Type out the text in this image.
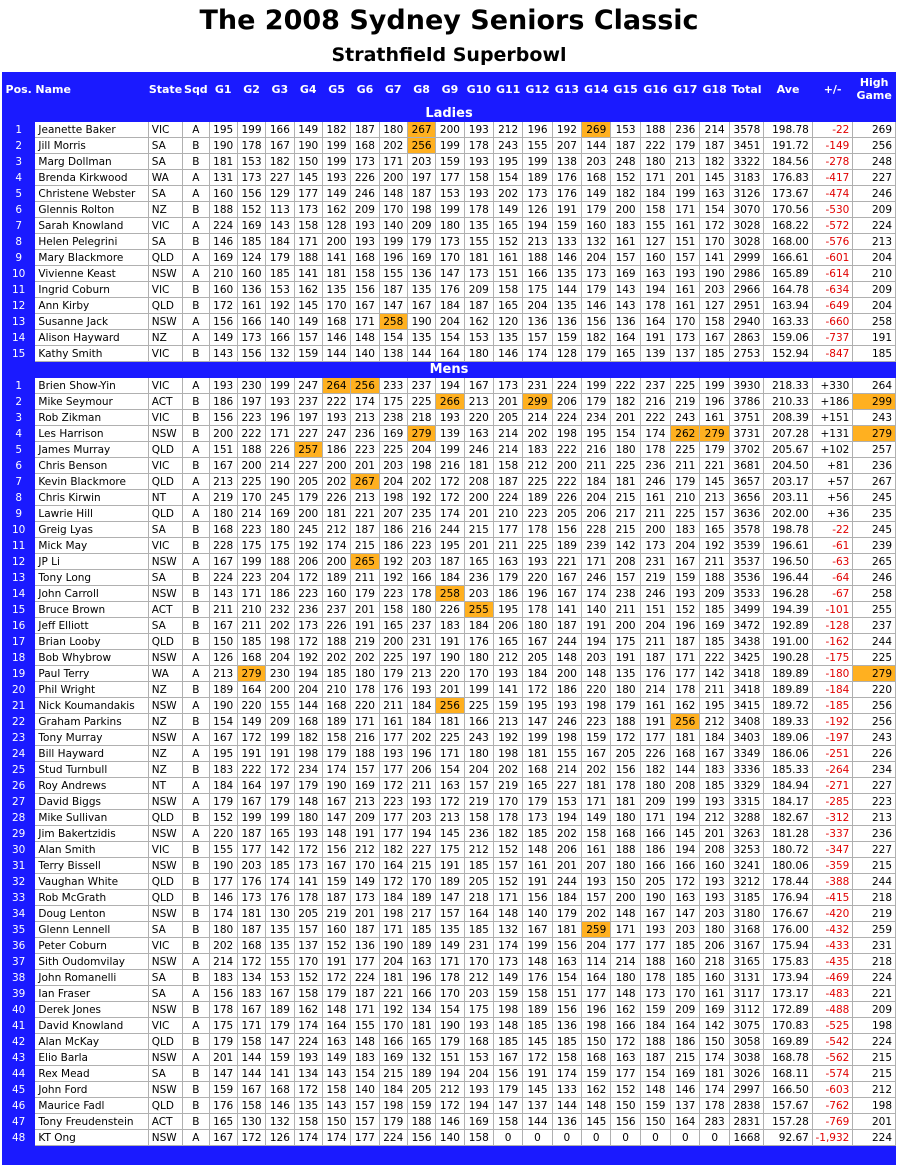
The 2008 Sydney Seniors Classic
Strathfield Superbowl
Pos.	Name	State	Sqd	G1	G2	G3	G4	G5	G6	G7	G8	G9	G10	G11	G12	G13	G14	G15	G16	G17	G18	Total	Ave	+/-	High Game
Ladies																									
1	Jeanette Baker	VIC	A	195	199	166	149	182	187	180	267	200	193	212	196	192	269	153	188	236	214	3578	198.78	-22	269
2	Jill Morris	SA	B	190	178	167	190	199	168	202	256	199	178	243	155	207	144	187	222	179	187	3451	191.72	-149	256
3	Marg Dollman	SA	B	181	153	182	150	199	173	171	203	159	193	195	199	138	203	248	180	213	182	3322	184.56	-278	248
4	Brenda Kirkwood	WA	A	131	173	227	145	193	226	200	197	177	158	154	189	176	168	152	171	201	145	3183	176.83	-417	227
5	Christene Webster	SA	A	160	156	129	177	149	246	148	187	153	193	202	173	176	149	182	184	199	163	3126	173.67	-474	246
6	Glennis Rolton	NZ	B	188	152	113	173	162	209	170	198	199	178	149	126	191	179	200	158	171	154	3070	170.56	-530	209
7	Sarah Knowland	VIC	A	224	169	143	158	128	193	140	209	180	135	165	194	159	160	183	155	161	172	3028	168.22	-572	224
8	Helen Pelegrini	SA	B	146	185	184	171	200	193	199	179	173	155	152	213	133	132	161	127	151	170	3028	168.00	-576	213
9	Mary Blackmore	QLD	A	169	124	179	188	141	168	196	169	170	181	161	188	146	204	157	160	157	141	2999	166.61	-601	204
10	Vivienne Keast	NSW	A	210	160	185	141	181	158	155	136	147	173	151	166	135	173	169	163	193	190	2986	165.89	-614	210
11	Ingrid Coburn	VIC	B	160	136	153	162	135	156	187	135	176	209	158	175	144	179	143	194	161	203	2966	164.78	-634	209
12	Ann Kirby	QLD	B	172	161	192	145	170	167	147	167	184	187	165	204	135	146	143	178	161	127	2951	163.94	-649	204
13	Susanne Jack	NSW	A	156	166	140	149	168	171	258	190	204	162	120	136	136	156	136	164	170	158	2940	163.33	-660	258
14	Alison Hayward	NZ	A	149	173	166	157	146	148	154	135	154	153	135	157	159	182	164	191	173	167	2863	159.06	-737	191
15	Kathy Smith	VIC	B	143	156	132	159	144	140	138	144	164	180	146	174	128	179	165	139	137	185	2753	152.94	-847	185
Mens																									
1	Brien Show-Yin	VIC	A	193	230	199	247	264	256	233	237	194	167	173	231	224	199	222	237	225	199	3930	218.33	+330	264
2	Mike Seymour	ACT	B	186	197	193	237	222	174	175	225	266	213	201	299	206	179	182	216	219	196	3786	210.33	+186	299
3	Rob Zikman	VIC	B	156	223	196	197	193	213	238	218	193	220	205	214	224	234	201	222	243	161	3751	208.39	+151	243
4	Les Harrison	NSW	B	200	222	171	227	247	236	169	279	139	163	214	202	198	195	154	174	262	279	3731	207.28	+131	279
5	James Murray	QLD	A	151	188	226	257	186	223	225	204	199	246	214	183	222	216	180	178	225	179	3702	205.67	+102	257
6	Chris Benson	VIC	B	167	200	214	227	200	201	203	198	216	181	158	212	200	211	225	236	211	221	3681	204.50	+81	236
7	Kevin Blackmore	QLD	A	213	225	190	205	202	267	204	202	172	208	187	225	222	184	181	246	179	145	3657	203.17	+57	267
8	Chris Kirwin	NT	A	219	170	245	179	226	213	198	192	172	200	224	189	226	204	215	161	210	213	3656	203.11	+56	245
9	Lawrie Hill	QLD	A	180	214	169	200	181	221	207	235	174	201	210	223	205	206	217	211	225	157	3636	202.00	+36	235
10	Greig Lyas	SA	B	168	223	180	245	212	187	186	216	244	215	177	178	156	228	215	200	183	165	3578	198.78	-22	245
11	Mick May	VIC	B	228	175	175	192	174	215	186	223	195	201	211	225	189	239	142	173	204	192	3539	196.61	-61	239
12	JP Li	NSW	A	167	199	188	206	200	265	192	203	187	165	163	193	221	171	208	231	167	211	3537	196.50	-63	265
13	Tony Long	SA	B	224	223	204	172	189	211	192	166	184	236	179	220	167	246	157	219	159	188	3536	196.44	-64	246
14	John Carroll	NSW	B	143	171	186	223	160	179	223	178	258	203	186	196	167	174	238	246	193	209	3533	196.28	-67	258
15	Bruce Brown	ACT	B	211	210	232	236	237	201	158	180	226	255	195	178	141	140	211	151	152	185	3499	194.39	-101	255
16	Jeff Elliott	SA	B	167	211	202	173	226	191	165	237	183	184	206	180	187	191	200	204	196	169	3472	192.89	-128	237
17	Brian Looby	QLD	B	150	185	198	172	188	219	200	231	191	176	165	167	244	194	175	211	187	185	3438	191.00	-162	244
18	Bob Whybrow	NSW	A	126	168	204	192	202	202	225	197	190	180	212	205	148	203	191	187	171	222	3425	190.28	-175	225
19	Paul Terry	WA	A	213	279	230	194	185	180	179	213	220	170	193	184	200	148	135	176	177	142	3418	189.89	-180	279
20	Phil Wright	NZ	B	189	164	200	204	210	178	176	193	201	199	141	172	186	220	180	214	178	211	3418	189.89	-184	220
21	Nick Koumandakis	NSW	A	190	220	155	144	168	220	211	184	256	225	159	195	193	198	179	161	162	195	3415	189.72	-185	256
22	Graham Parkins	NZ	B	154	149	209	168	189	171	161	184	181	166	213	147	246	223	188	191	256	212	3408	189.33	-192	256
23	Tony Murray	NSW	A	167	172	199	182	158	216	177	202	225	243	192	199	198	159	172	177	181	184	3403	189.06	-197	243
24	Bill Hayward	NZ	A	195	191	191	198	179	188	193	196	171	180	198	181	155	167	205	226	168	167	3349	186.06	-251	226
25	Stud Turnbull	NZ	B	183	222	172	234	174	157	177	206	154	204	202	168	214	202	156	182	144	183	3336	185.33	-264	234
26	Roy Andrews	NT	A	184	164	197	179	190	169	172	211	163	157	219	165	227	181	178	180	208	185	3329	184.94	-271	227
27	David Biggs	NSW	A	179	167	179	148	167	213	223	193	172	219	170	179	153	171	181	209	199	193	3315	184.17	-285	223
28	Mike Sullivan	QLD	B	152	199	199	180	147	209	177	203	213	158	178	173	194	149	180	171	194	212	3288	182.67	-312	213
29	Jim Bakertzidis	NSW	A	220	187	165	193	148	191	177	194	145	236	182	185	202	158	168	166	145	201	3263	181.28	-337	236
30	Alan Smith	VIC	B	155	177	142	172	156	212	182	227	175	212	152	148	206	161	188	186	194	208	3253	180.72	-347	227
31	Terry Bissell	NSW	B	190	203	185	173	167	170	164	215	191	185	157	161	201	207	180	166	166	160	3241	180.06	-359	215
32	Vaughan White	QLD	B	177	176	174	141	159	149	172	170	189	205	152	191	244	193	150	205	172	193	3212	178.44	-388	244
33	Rob McGrath	QLD	B	146	173	176	178	187	173	184	189	147	218	171	156	184	157	200	190	163	193	3185	176.94	-415	218
34	Doug Lenton	NSW	B	174	181	130	205	219	201	198	217	157	164	148	140	179	202	148	167	147	203	3180	176.67	-420	219
35	Glenn Lennell	SA	B	180	187	135	157	160	187	171	185	135	185	132	167	181	259	171	193	203	180	3168	176.00	-432	259
36	Peter Coburn	VIC	B	202	168	135	137	152	136	190	189	149	231	174	199	156	204	177	177	185	206	3167	175.94	-433	231
37	Sith Oudomvilay	NSW	A	214	172	155	170	191	177	204	163	171	170	173	148	163	114	214	188	160	218	3165	175.83	-435	218
38	John Romanelli	SA	B	183	134	153	152	172	224	181	196	178	212	149	176	154	164	180	178	185	160	3131	173.94	-469	224
39	Ian Fraser	SA	A	156	183	167	158	179	187	221	166	170	203	159	158	151	177	148	173	170	161	3117	173.17	-483	221
40	Derek Jones	NSW	B	178	167	189	162	148	171	192	134	154	175	198	189	156	196	162	159	209	169	3112	172.89	-488	209
41	David Knowland	VIC	A	175	171	179	174	164	155	170	181	190	193	148	185	136	198	166	184	164	142	3075	170.83	-525	198
42	Alan McKay	QLD	B	179	158	147	224	163	148	166	165	179	168	185	145	185	150	172	188	186	150	3058	169.89	-542	224
43	Elio Barla	NSW	A	201	144	159	193	149	183	169	132	151	153	167	172	158	168	163	187	215	174	3038	168.78	-562	215
44	Rex Mead	SA	B	147	144	141	134	143	154	215	189	194	204	156	191	174	159	177	154	169	181	3026	168.11	-574	215
45	John Ford	NSW	B	159	167	168	172	158	140	184	205	212	193	179	145	133	162	152	148	146	174	2997	166.50	-603	212
46	Maurice Fadl	QLD	B	176	158	146	135	143	157	198	159	172	194	147	137	144	148	150	159	137	178	2838	157.67	-762	198
47	Tony Freudenstein	ACT	B	165	130	132	158	150	157	179	188	146	169	158	144	136	145	156	150	164	283	2831	157.28	-769	201
48	KT Ong	NSW	A	167	172	126	174	174	177	224	156	140	158	0	0	0	0	0	0	0	0	1668	92.67	-1,932	224
